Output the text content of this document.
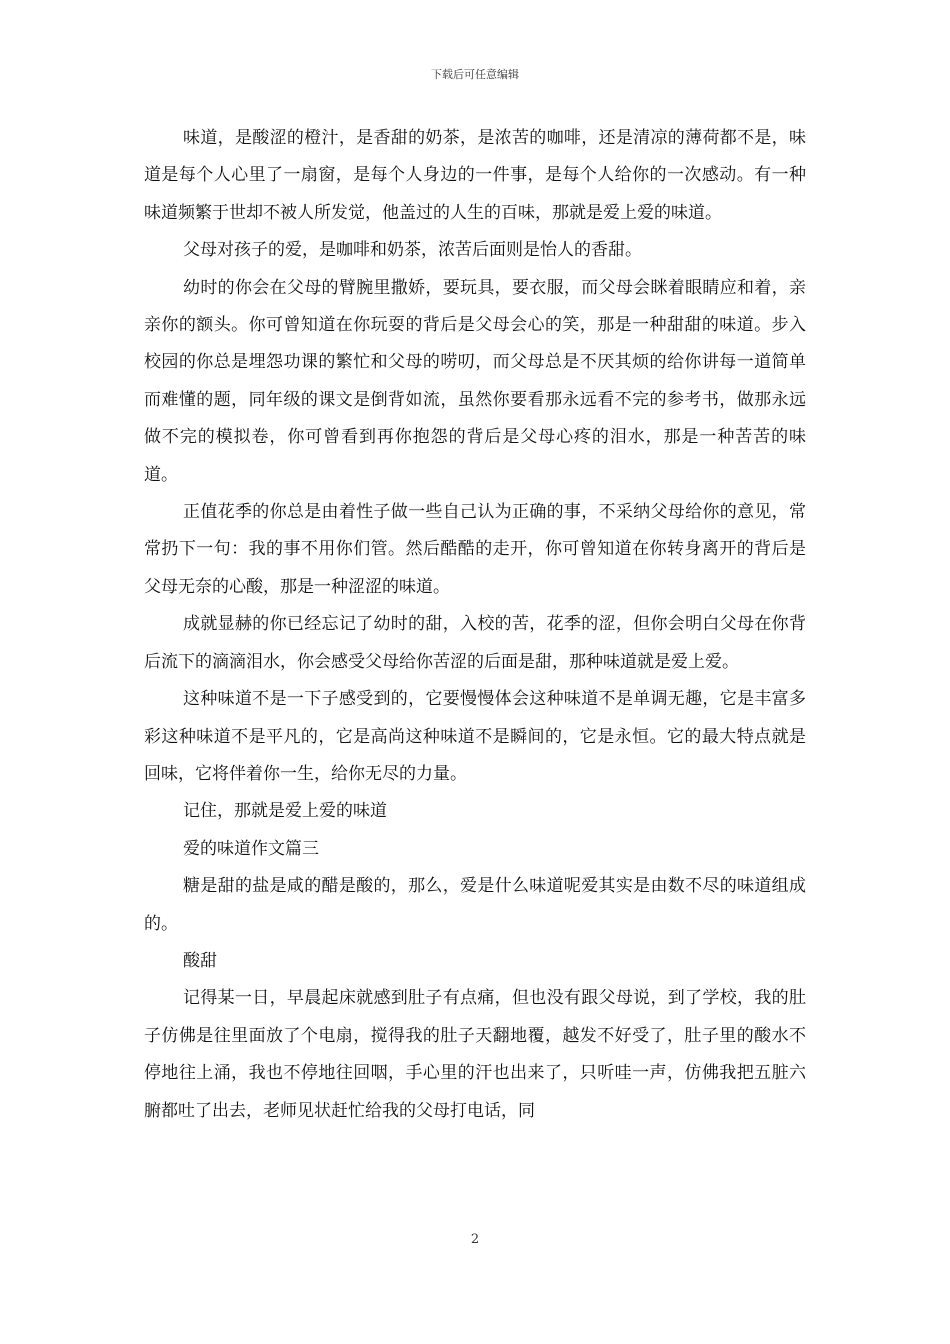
下载后可任意编辑

味道，是酸涩的橙汁，是香甜的奶茶，是浓苦的咖啡，还是清凉的薄荷都不是，味道是每个人心里了一扇窗，是每个人身边的一件事，是每个人给你的一次感动。有一种味道频繁于世却不被人所发觉，他盖过的人生的百味，那就是爱上爱的味道。

父母对孩子的爱，是咖啡和奶茶，浓苦后面则是怡人的香甜。

幼时的你会在父母的臂腕里撒娇，要玩具，要衣服，而父母会眯着眼睛应和着，亲亲你的额头。你可曾知道在你玩耍的背后是父母会心的笑，那是一种甜甜的味道。步入校园的你总是埋怨功课的繁忙和父母的唠叨，而父母总是不厌其烦的给你讲每一道简单而难懂的题，同年级的课文是倒背如流，虽然你要看那永远看不完的参考书，做那永远做不完的模拟卷，你可曾看到再你抱怨的背后是父母心疼的泪水，那是一种苦苦的味道。

正值花季的你总是由着性子做一些自己认为正确的事，不采纳父母给你的意见，常常扔下一句：我的事不用你们管。然后酷酷的走开，你可曾知道在你转身离开的背后是父母无奈的心酸，那是一种涩涩的味道。

成就显赫的你已经忘记了幼时的甜，入校的苦，花季的涩，但你会明白父母在你背后流下的滴滴泪水，你会感受父母给你苦涩的后面是甜，那种味道就是爱上爱。

这种味道不是一下子感受到的，它要慢慢体会这种味道不是单调无趣，它是丰富多彩这种味道不是平凡的，它是高尚这种味道不是瞬间的，它是永恒。它的最大特点就是回味，它将伴着你一生，给你无尽的力量。

记住，那就是爱上爱的味道

爱的味道作文篇三

糖是甜的盐是咸的醋是酸的，那么，爱是什么味道呢爱其实是由数不尽的味道组成的。

酸甜

记得某一日，早晨起床就感到肚子有点痛，但也没有跟父母说，到了学校，我的肚子仿佛是往里面放了个电扇，搅得我的肚子天翻地覆，越发不好受了，肚子里的酸水不停地往上涌，我也不停地往回咽，手心里的汗也出来了，只听哇一声，仿佛我把五脏六腑都吐了出去，老师见状赶忙给我的父母打电话，同

2
